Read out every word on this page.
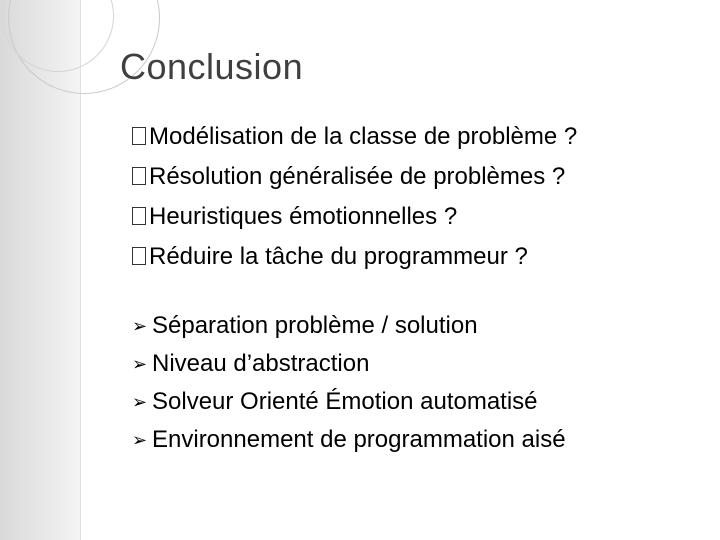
Conclusion
Modélisation de la classe de problème ?
Résolution généralisée de problèmes ?
Heuristiques émotionnelles ?
Réduire la tâche du programmeur ?
➢ Séparation problème / solution
➢ Niveau d’abstraction
➢ Solveur Orienté Émotion automatisé
➢ Environnement de programmation aisé
